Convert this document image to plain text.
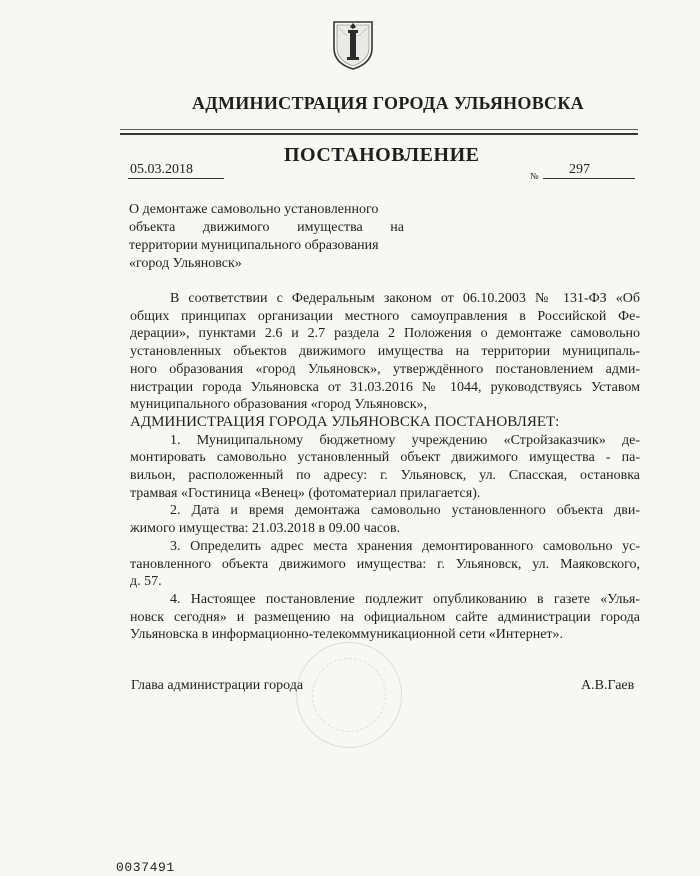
АДМИНИСТРАЦИЯ ГОРОДА УЛЬЯНОВСКА
ПОСТАНОВЛЕНИЕ
05.03.2018	№	297
О демонтаже самовольно установленного
объекта движимого имущества на
территории муниципального образования
«город Ульяновск»
В соответствии с Федеральным законом от 06.10.2003 № 131-ФЗ «Об
общих принципах организации местного самоуправления в Российской Фе-
дерации», пунктами 2.6 и 2.7 раздела 2 Положения о демонтаже самовольно
установленных объектов движимого имущества на территории муниципаль-
ного образования «город Ульяновск», утверждённого постановлением адми-
нистрации города Ульяновска от 31.03.2016 № 1044, руководствуясь Уставом
муниципального образования «город Ульяновск»,
АДМИНИСТРАЦИЯ ГОРОДА УЛЬЯНОВСКА ПОСТАНОВЛЯЕТ:
1. Муниципальному бюджетному учреждению «Стройзаказчик» де-
монтировать самовольно установленный объект движимого имущества - па-
вильон, расположенный по адресу: г. Ульяновск, ул. Спасская, остановка
трамвая «Гостиница «Венец» (фотоматериал прилагается).
2. Дата и время демонтажа самовольно установленного объекта дви-
жимого имущества: 21.03.2018 в 09.00 часов.
3. Определить адрес места хранения демонтированного самовольно ус-
тановленного объекта движимого имущества: г. Ульяновск, ул. Маяковского,
д. 57.
4. Настоящее постановление подлежит опубликованию в газете «Улья-
новск сегодня» и размещению на официальном сайте администрации города
Ульяновска в информационно-телекоммуникационной сети «Интернет».
Глава администрации города	А.В.Гаев
0037491
